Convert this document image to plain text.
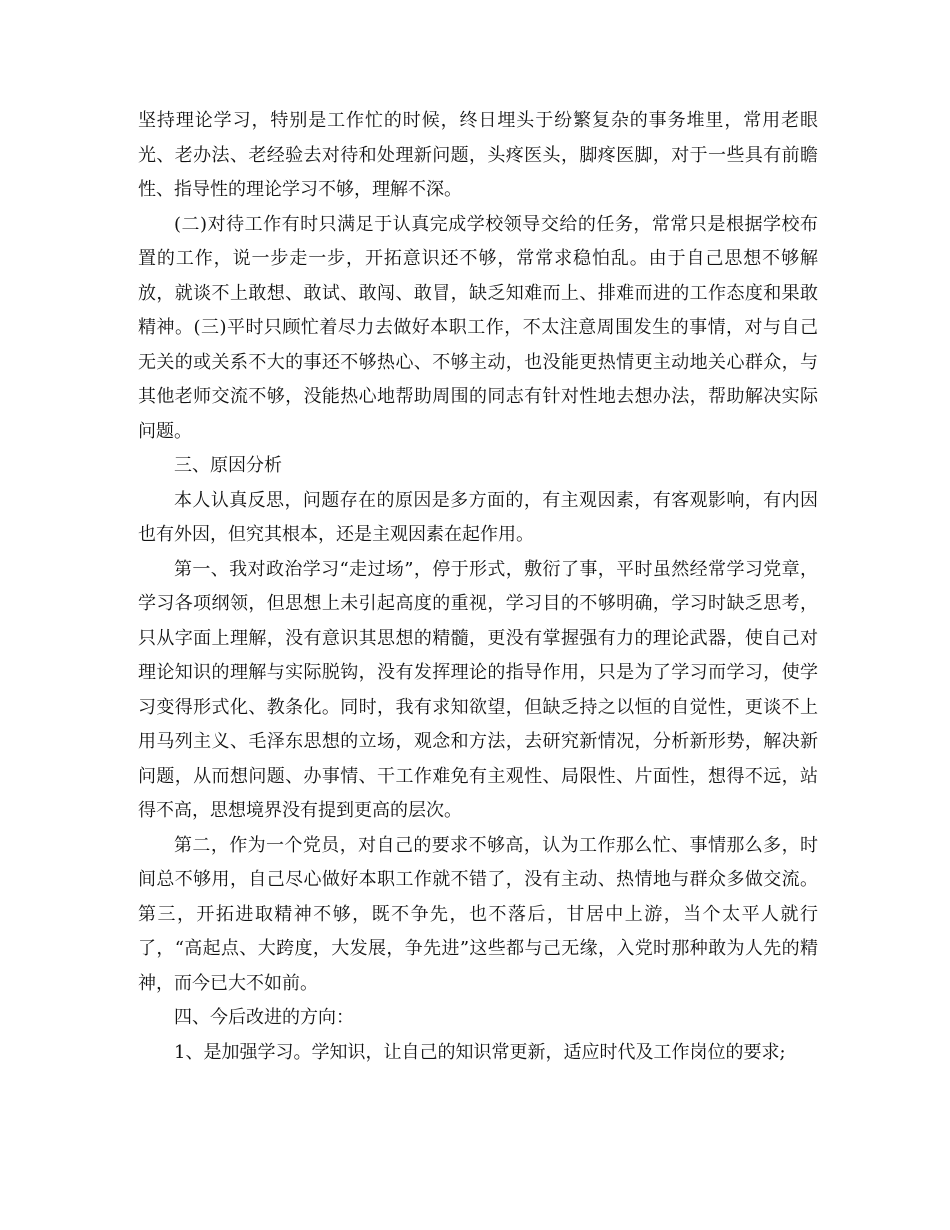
坚持理论学习，特别是工作忙的时候，终日埋头于纷繁复杂的事务堆里，常用老眼光、老办法、老经验去对待和处理新问题，头疼医头，脚疼医脚，对于一些具有前瞻性、指导性的理论学习不够，理解不深。

(二)对待工作有时只满足于认真完成学校领导交给的任务，常常只是根据学校布置的工作，说一步走一步，开拓意识还不够，常常求稳怕乱。由于自己思想不够解放，就谈不上敢想、敢试、敢闯、敢冒，缺乏知难而上、排难而进的工作态度和果敢精神。(三)平时只顾忙着尽力去做好本职工作，不太注意周围发生的事情，对与自己无关的或关系不大的事还不够热心、不够主动，也没能更热情更主动地关心群众，与其他老师交流不够，没能热心地帮助周围的同志有针对性地去想办法，帮助解决实际问题。

三、原因分析

本人认真反思，问题存在的原因是多方面的，有主观因素，有客观影响，有内因也有外因，但究其根本，还是主观因素在起作用。

第一、我对政治学习“走过场”，停于形式，敷衍了事，平时虽然经常学习党章，学习各项纲领，但思想上未引起高度的重视，学习目的不够明确，学习时缺乏思考，只从字面上理解，没有意识其思想的精髓，更没有掌握强有力的理论武器，使自己对理论知识的理解与实际脱钩，没有发挥理论的指导作用，只是为了学习而学习，使学习变得形式化、教条化。同时，我有求知欲望，但缺乏持之以恒的自觉性，更谈不上用马列主义、毛泽东思想的立场，观念和方法，去研究新情况，分析新形势，解决新问题，从而想问题、办事情、干工作难免有主观性、局限性、片面性，想得不远，站得不高，思想境界没有提到更高的层次。

第二，作为一个党员，对自己的要求不够高，认为工作那么忙、事情那么多，时间总不够用，自己尽心做好本职工作就不错了，没有主动、热情地与群众多做交流。第三，开拓进取精神不够，既不争先，也不落后，甘居中上游，当个太平人就行了，“高起点、大跨度，大发展，争先进”这些都与己无缘，入党时那种敢为人先的精神，而今已大不如前。

四、今后改进的方向：

1、是加强学习。学知识，让自己的知识常更新，适应时代及工作岗位的要求;
